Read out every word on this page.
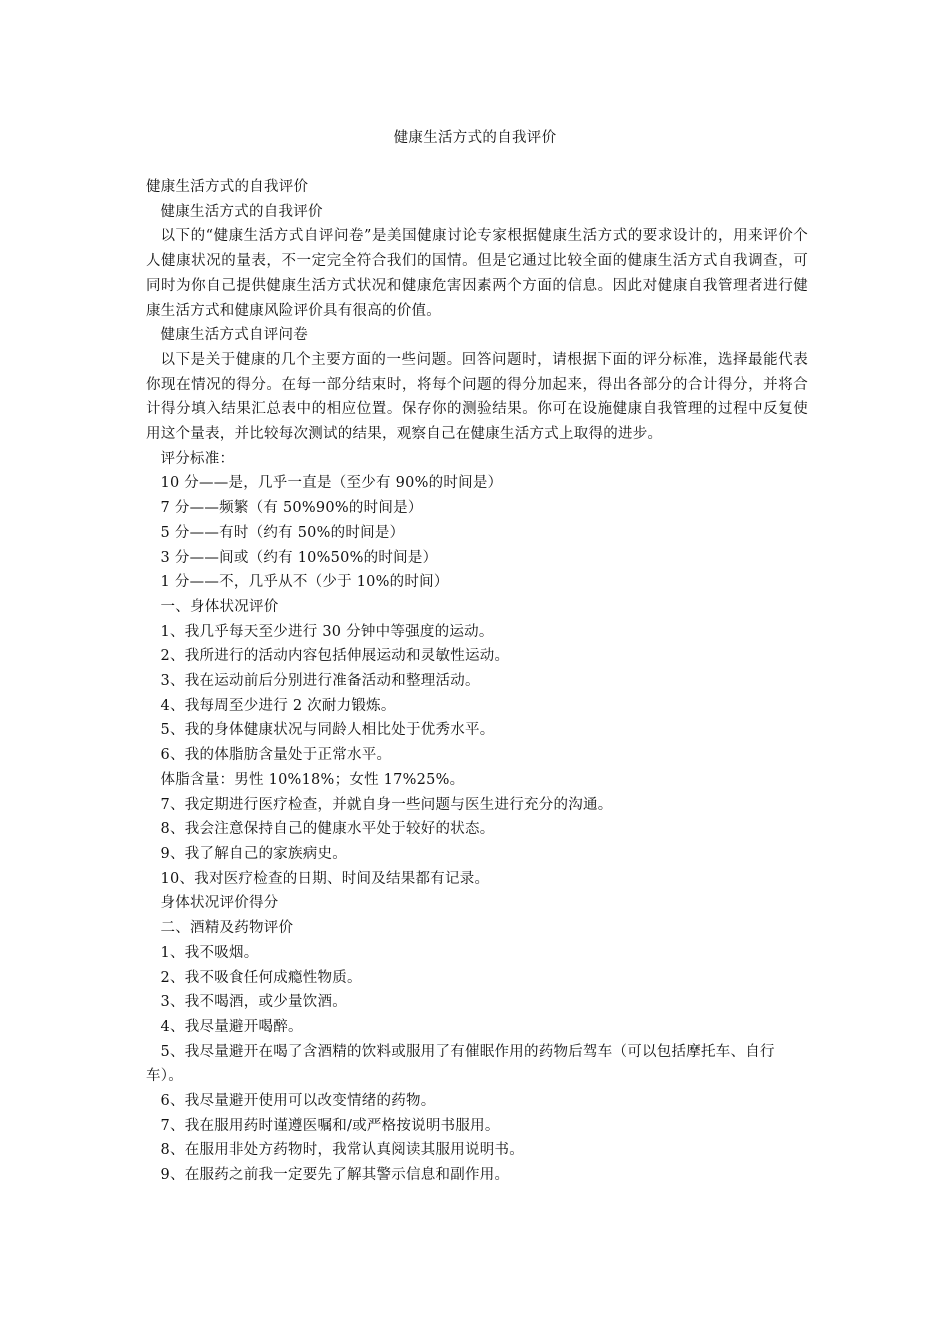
健康生活方式的自我评价

健康生活方式的自我评价

健康生活方式的自我评价

以下的“健康生活方式自评问卷”是美国健康讨论专家根据健康生活方式的要求设计的，用来评价个人健康状况的量表，不一定完全符合我们的国情。但是它通过比较全面的健康生活方式自我调查，可同时为你自己提供健康生活方式状况和健康危害因素两个方面的信息。因此对健康自我管理者进行健康生活方式和健康风险评价具有很高的价值。

健康生活方式自评问卷

以下是关于健康的几个主要方面的一些问题。回答问题时，请根据下面的评分标准，选择最能代表你现在情况的得分。在每一部分结束时，将每个问题的得分加起来，得出各部分的合计得分，并将合计得分填入结果汇总表中的相应位置。保存你的测验结果。你可在设施健康自我管理的过程中反复使用这个量表，并比较每次测试的结果，观察自己在健康生活方式上取得的进步。

评分标准：

10 分——是，几乎一直是（至少有 90%的时间是）

7 分——频繁（有 50%90%的时间是）

5 分——有时（约有 50%的时间是）

3 分——间或（约有 10%50%的时间是）

1 分——不，几乎从不（少于 10%的时间）

一、身体状况评价

1、我几乎每天至少进行 30 分钟中等强度的运动。

2、我所进行的活动内容包括伸展运动和灵敏性运动。

3、我在运动前后分别进行准备活动和整理活动。

4、我每周至少进行 2 次耐力锻炼。

5、我的身体健康状况与同龄人相比处于优秀水平。

6、我的体脂肪含量处于正常水平。

体脂含量：男性 10%18%；女性 17%25%。

7、我定期进行医疗检查，并就自身一些问题与医生进行充分的沟通。

8、我会注意保持自己的健康水平处于较好的状态。

9、我了解自己的家族病史。

10、我对医疗检查的日期、时间及结果都有记录。

身体状况评价得分

二、酒精及药物评价

1、我不吸烟。

2、我不吸食任何成瘾性物质。

3、我不喝酒，或少量饮酒。

4、我尽量避开喝醉。

5、我尽量避开在喝了含酒精的饮料或服用了有催眠作用的药物后驾车（可以包括摩托车、自行车）。

6、我尽量避开使用可以改变情绪的药物。

7、我在服用药时谨遵医嘱和/或严格按说明书服用。

8、在服用非处方药物时，我常认真阅读其服用说明书。

9、在服药之前我一定要先了解其警示信息和副作用。
